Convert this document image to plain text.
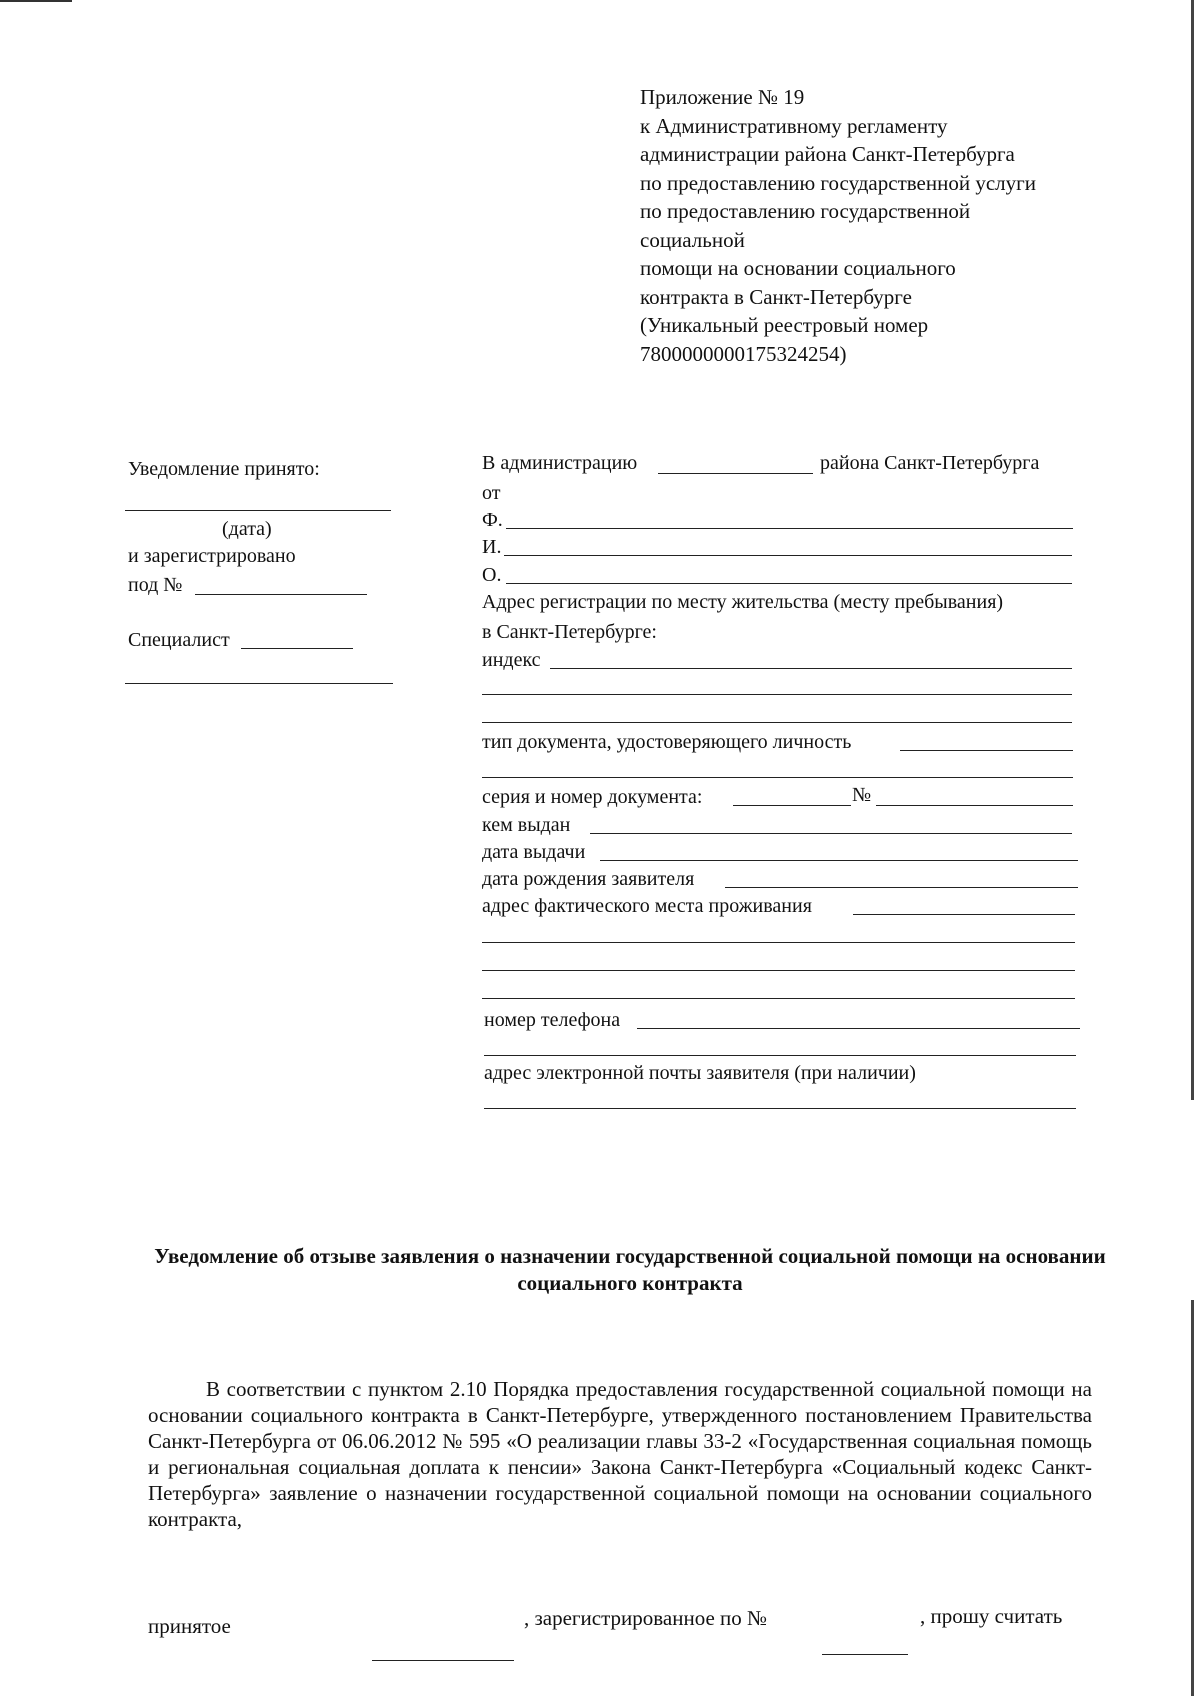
Приложение № 19
к Административному регламенту
администрации района Санкт-Петербурга
по предоставлению государственной услуги
по предоставлению государственной
социальной
помощи на основании социального
контракта в Санкт-Петербурге
(Уникальный реестровый номер
7800000000175324254)
Уведомление принято:
(дата)
и зарегистрировано
под №
Специалист
В администрацию	района Санкт-Петербурга
от
Ф.
И.
О.
Адрес регистрации по месту жительства (месту пребывания)
в Санкт-Петербурге:
индекс
тип документа, удостоверяющего личность
серия и номер документа:	№
кем выдан
дата выдачи
дата рождения заявителя
адрес фактического места проживания
номер телефона
адрес электронной почты заявителя (при наличии)
Уведомление об отзыве заявления о назначении государственной социальной помощи на основании социального контракта
В соответствии с пунктом 2.10 Порядка предоставления государственной социальной помощи на основании социального контракта в Санкт-Петербурге, утвержденного постановлением Правительства Санкт-Петербурга от 06.06.2012 № 595 «О реализации главы 33-2 «Государственная социальная помощь и региональная социальная доплата к пенсии» Закона Санкт-Петербурга «Социальный кодекс Санкт-Петербурга» заявление о назначении государственной социальной помощи на основании социального контракта,
принятое	, зарегистрированное по №	, прошу считать
